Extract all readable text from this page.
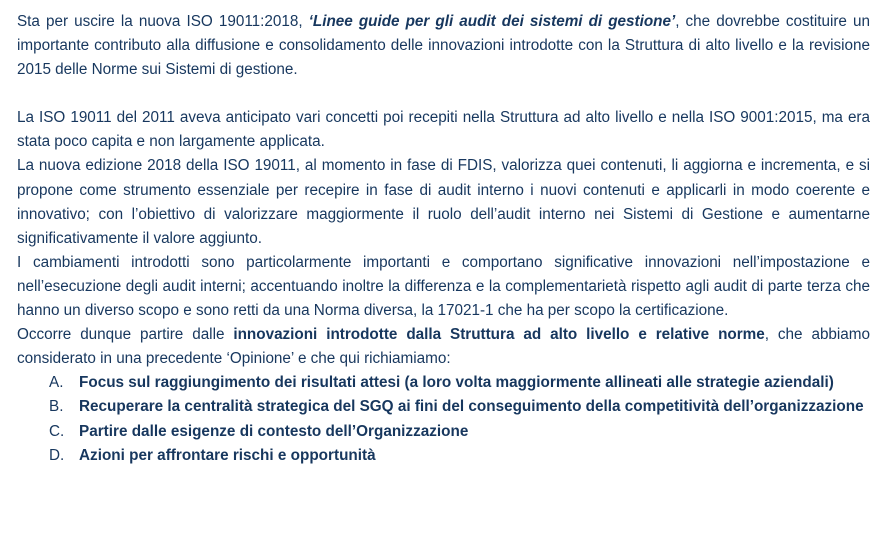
Sta per uscire la nuova ISO 19011:2018, ‘Linee guide per gli audit dei sistemi di gestione’, che dovrebbe costituire un importante contributo alla diffusione e consolidamento delle innovazioni introdotte con la Struttura di alto livello e la revisione 2015 delle Norme sui Sistemi di gestione.

La ISO 19011 del 2011 aveva anticipato vari concetti poi recepiti nella Struttura ad alto livello e nella ISO 9001:2015, ma era stata poco capita e non largamente applicata.

La nuova edizione 2018 della ISO 19011, al momento in fase di FDIS, valorizza quei contenuti, li aggiorna e incrementa, e si propone come strumento essenziale per recepire in fase di audit interno i nuovi contenuti e applicarli in modo coerente e innovativo; con l’obiettivo di valorizzare maggiormente il ruolo dell’audit interno nei Sistemi di Gestione e aumentarne significativamente il valore aggiunto.

I cambiamenti introdotti sono particolarmente importanti e comportano significative innovazioni nell’impostazione e nell’esecuzione degli audit interni; accentuando inoltre la differenza e la complementarietà rispetto agli audit di parte terza che hanno un diverso scopo e sono retti da una Norma diversa, la 17021-1 che ha per scopo la certificazione.

Occorre dunque partire dalle innovazioni introdotte dalla Struttura ad alto livello e relative norme, che abbiamo considerato in una precedente ‘Opinione’ e che qui richiamiamo:

A. Focus sul raggiungimento dei risultati attesi (a loro volta maggiormente allineati alle strategie aziendali)
B. Recuperare la centralità strategica del SGQ ai fini del conseguimento della competitività dell’organizzazione
C. Partire dalle esigenze di contesto dell’Organizzazione
D. Azioni per affrontare rischi e opportunità
